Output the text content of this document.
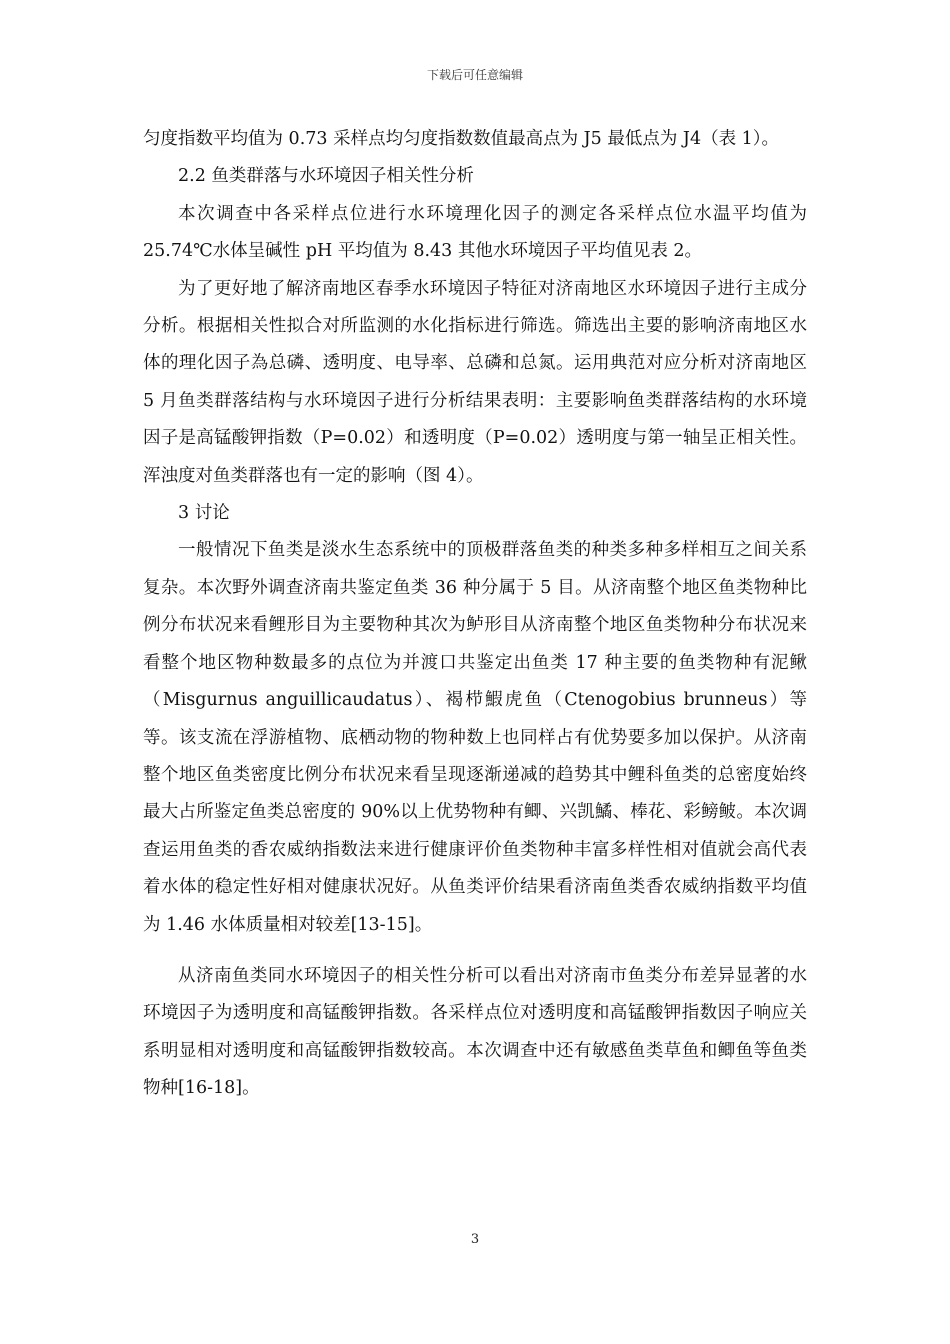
下载后可任意编辑

匀度指数平均值为 0.73 采样点均匀度指数数值最高点为 J5 最低点为 J4（表 1）。

2.2 鱼类群落与水环境因子相关性分析

本次调查中各采样点位进行水环境理化因子的测定各采样点位水温平均值为 25.74℃水体呈碱性 pH 平均值为 8.43 其他水环境因子平均值见表 2。

为了更好地了解济南地区春季水环境因子特征对济南地区水环境因子进行主成分分析。根据相关性拟合对所监测的水化指标进行筛选。筛选出主要的影响济南地区水体的理化因子為总磷、透明度、电导率、总磷和总氮。运用典范对应分析对济南地区 5 月鱼类群落结构与水环境因子进行分析结果表明：主要影响鱼类群落结构的水环境因子是高锰酸钾指数（P=0.02）和透明度（P=0.02）透明度与第一轴呈正相关性。浑浊度对鱼类群落也有一定的影响（图 4）。

3 讨论

一般情况下鱼类是淡水生态系统中的顶极群落鱼类的种类多种多样相互之间关系复杂。本次野外调查济南共鉴定鱼类 36 种分属于 5 目。从济南整个地区鱼类物种比例分布状况来看鲤形目为主要物种其次为鲈形目从济南整个地区鱼类物种分布状况来看整个地区物种数最多的点位为并渡口共鉴定出鱼类 17 种主要的鱼类物种有泥鳅（Misgurnus anguillicaudatus）、褐栉鰕虎鱼（Ctenogobius brunneus）等等。该支流在浮游植物、底栖动物的物种数上也同样占有优势要多加以保护。从济南整个地区鱼类密度比例分布状况来看呈现逐渐递减的趋势其中鲤科鱼类的总密度始终最大占所鉴定鱼类总密度的 90%以上优势物种有鲫、兴凯鱊、棒花、彩鳑鲏。本次调查运用鱼类的香农威纳指数法来进行健康评价鱼类物种丰富多样性相对值就会高代表着水体的稳定性好相对健康状况好。从鱼类评价结果看济南鱼类香农威纳指数平均值为 1.46 水体质量相对较差[13-15]。

从济南鱼类同水环境因子的相关性分析可以看出对济南市鱼类分布差异显著的水环境因子为透明度和高锰酸钾指数。各采样点位对透明度和高锰酸钾指数因子响应关系明显相对透明度和高锰酸钾指数较高。本次调查中还有敏感鱼类草鱼和鲫鱼等鱼类物种[16-18]。

3
